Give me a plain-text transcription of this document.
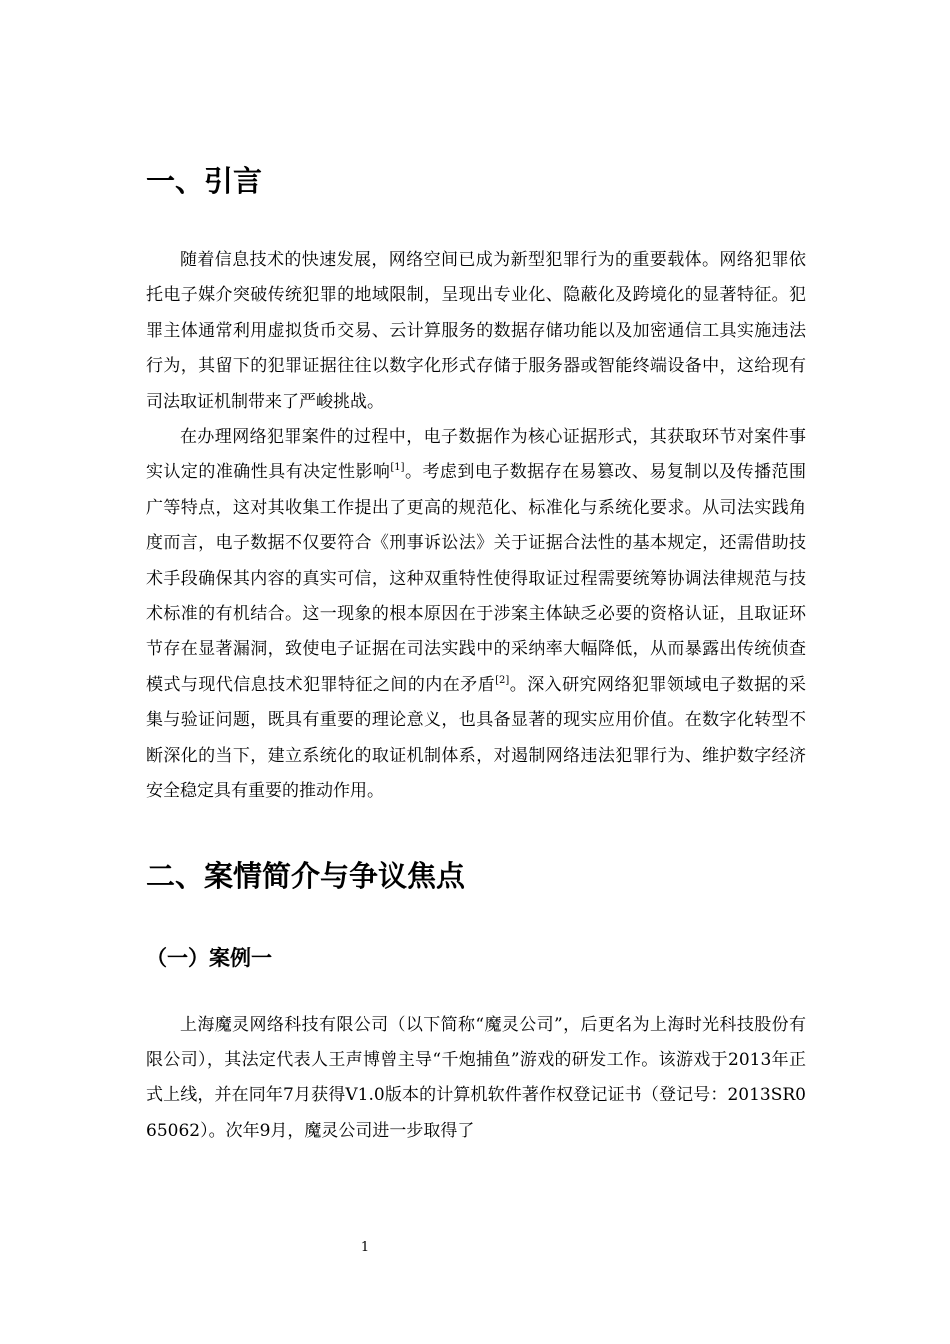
一、引言

随着信息技术的快速发展，网络空间已成为新型犯罪行为的重要载体。网络犯罪依托电子媒介突破传统犯罪的地域限制，呈现出专业化、隐蔽化及跨境化的显著特征。犯罪主体通常利用虚拟货币交易、云计算服务的数据存储功能以及加密通信工具实施违法行为，其留下的犯罪证据往往以数字化形式存储于服务器或智能终端设备中，这给现有司法取证机制带来了严峻挑战。

在办理网络犯罪案件的过程中，电子数据作为核心证据形式，其获取环节对案件事实认定的准确性具有决定性影响[1]。考虑到电子数据存在易篡改、易复制以及传播范围广等特点，这对其收集工作提出了更高的规范化、标准化与系统化要求。从司法实践角度而言，电子数据不仅要符合《刑事诉讼法》关于证据合法性的基本规定，还需借助技术手段确保其内容的真实可信，这种双重特性使得取证过程需要统筹协调法律规范与技术标准的有机结合。这一现象的根本原因在于涉案主体缺乏必要的资格认证，且取证环节存在显著漏洞，致使电子证据在司法实践中的采纳率大幅降低，从而暴露出传统侦查模式与现代信息技术犯罪特征之间的内在矛盾[2]。深入研究网络犯罪领域电子数据的采集与验证问题，既具有重要的理论意义，也具备显著的现实应用价值。在数字化转型不断深化的当下，建立系统化的取证机制体系，对遏制网络违法犯罪行为、维护数字经济安全稳定具有重要的推动作用。

二、案情简介与争议焦点
（一）案例一

上海魔灵网络科技有限公司（以下简称“魔灵公司”，后更名为上海时光科技股份有限公司），其法定代表人王声博曾主导“千炮捕鱼”游戏的研发工作。该游戏于2013年正式上线，并在同年7月获得V1.0版本的计算机软件著作权登记证书（登记号：2013SR065062）。次年9月，魔灵公司进一步取得了

1
